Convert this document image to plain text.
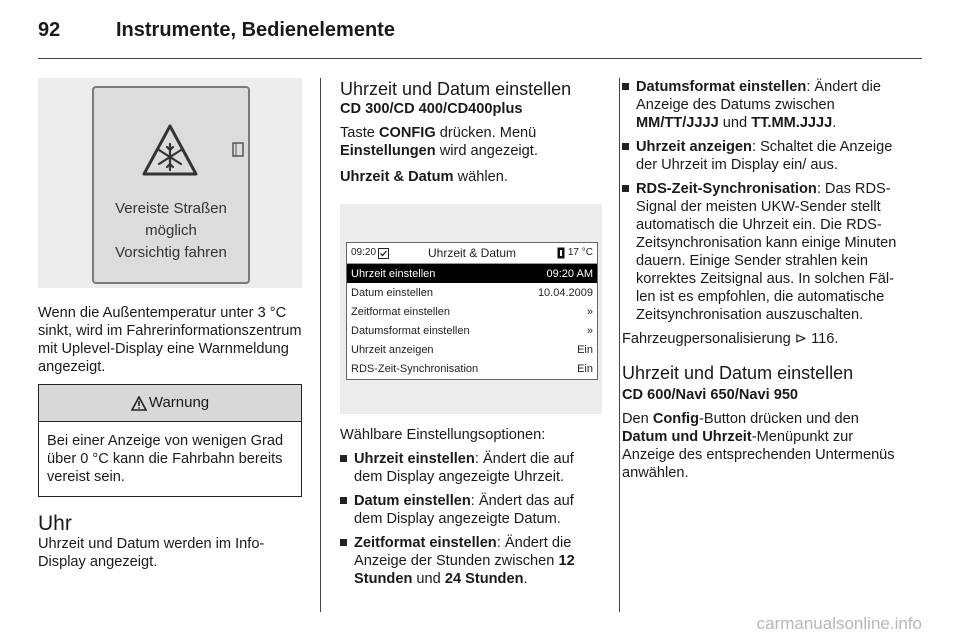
92	Instrumente, Bedienelemente
Vereiste Straßen
möglich
Vorsichtig fahren

Wenn die Außentemperatur unter 3 °C sinkt, wird im Fahrerinformationszentrum mit Uplevel-Display eine Warnmeldung angezeigt.

Warnung
Bei einer Anzeige von wenigen Grad über 0 °C kann die Fahrbahn bereits vereist sein.
Uhr

Uhrzeit und Datum werden im Info-Display angezeigt.

Uhrzeit und Datum einstellen
CD 300/CD 400/CD400plus

Taste CONFIG drücken. Menü Einstellungen wird angezeigt.

Uhrzeit & Datum wählen.

09:20	Uhrzeit & Datum	17 °C
Uhrzeit einstellen	09:20 AM
Datum einstellen	10.04.2009
Zeitformat einstellen	»
Datumsformat einstellen	»
Uhrzeit anzeigen	Ein
RDS-Zeit-Synchronisation	Ein

Wählbare Einstellungsoptionen:

Uhrzeit einstellen: Ändert die auf dem Display angezeigte Uhrzeit.
Datum einstellen: Ändert das auf dem Display angezeigte Datum.
Zeitformat einstellen: Ändert die Anzeige der Stunden zwischen 12 Stunden und 24 Stunden.
Datumsformat einstellen: Ändert die Anzeige des Datums zwischen MM/TT/JJJJ und TT.MM.JJJJ.
Uhrzeit anzeigen: Schaltet die Anzeige der Uhrzeit im Display ein/ aus.
RDS-Zeit-Synchronisation: Das RDS-Signal der meisten UKW-Sender stellt automatisch die Uhrzeit ein. Die RDS-Zeitsynchronisation kann einige Minuten dauern. Einige Sender strahlen kein korrektes Zeitsignal aus. In solchen Fällen ist es empfohlen, die automatische Zeitsynchronisation auszuschalten.

Fahrzeugpersonalisierung ⊳ 116.

Uhrzeit und Datum einstellen
CD 600/Navi 650/Navi 950

Den Config-Button drücken und den Datum und Uhrzeit-Menüpunkt zur Anzeige des entsprechenden Untermenüs anwählen.

carmanualsonline.info
